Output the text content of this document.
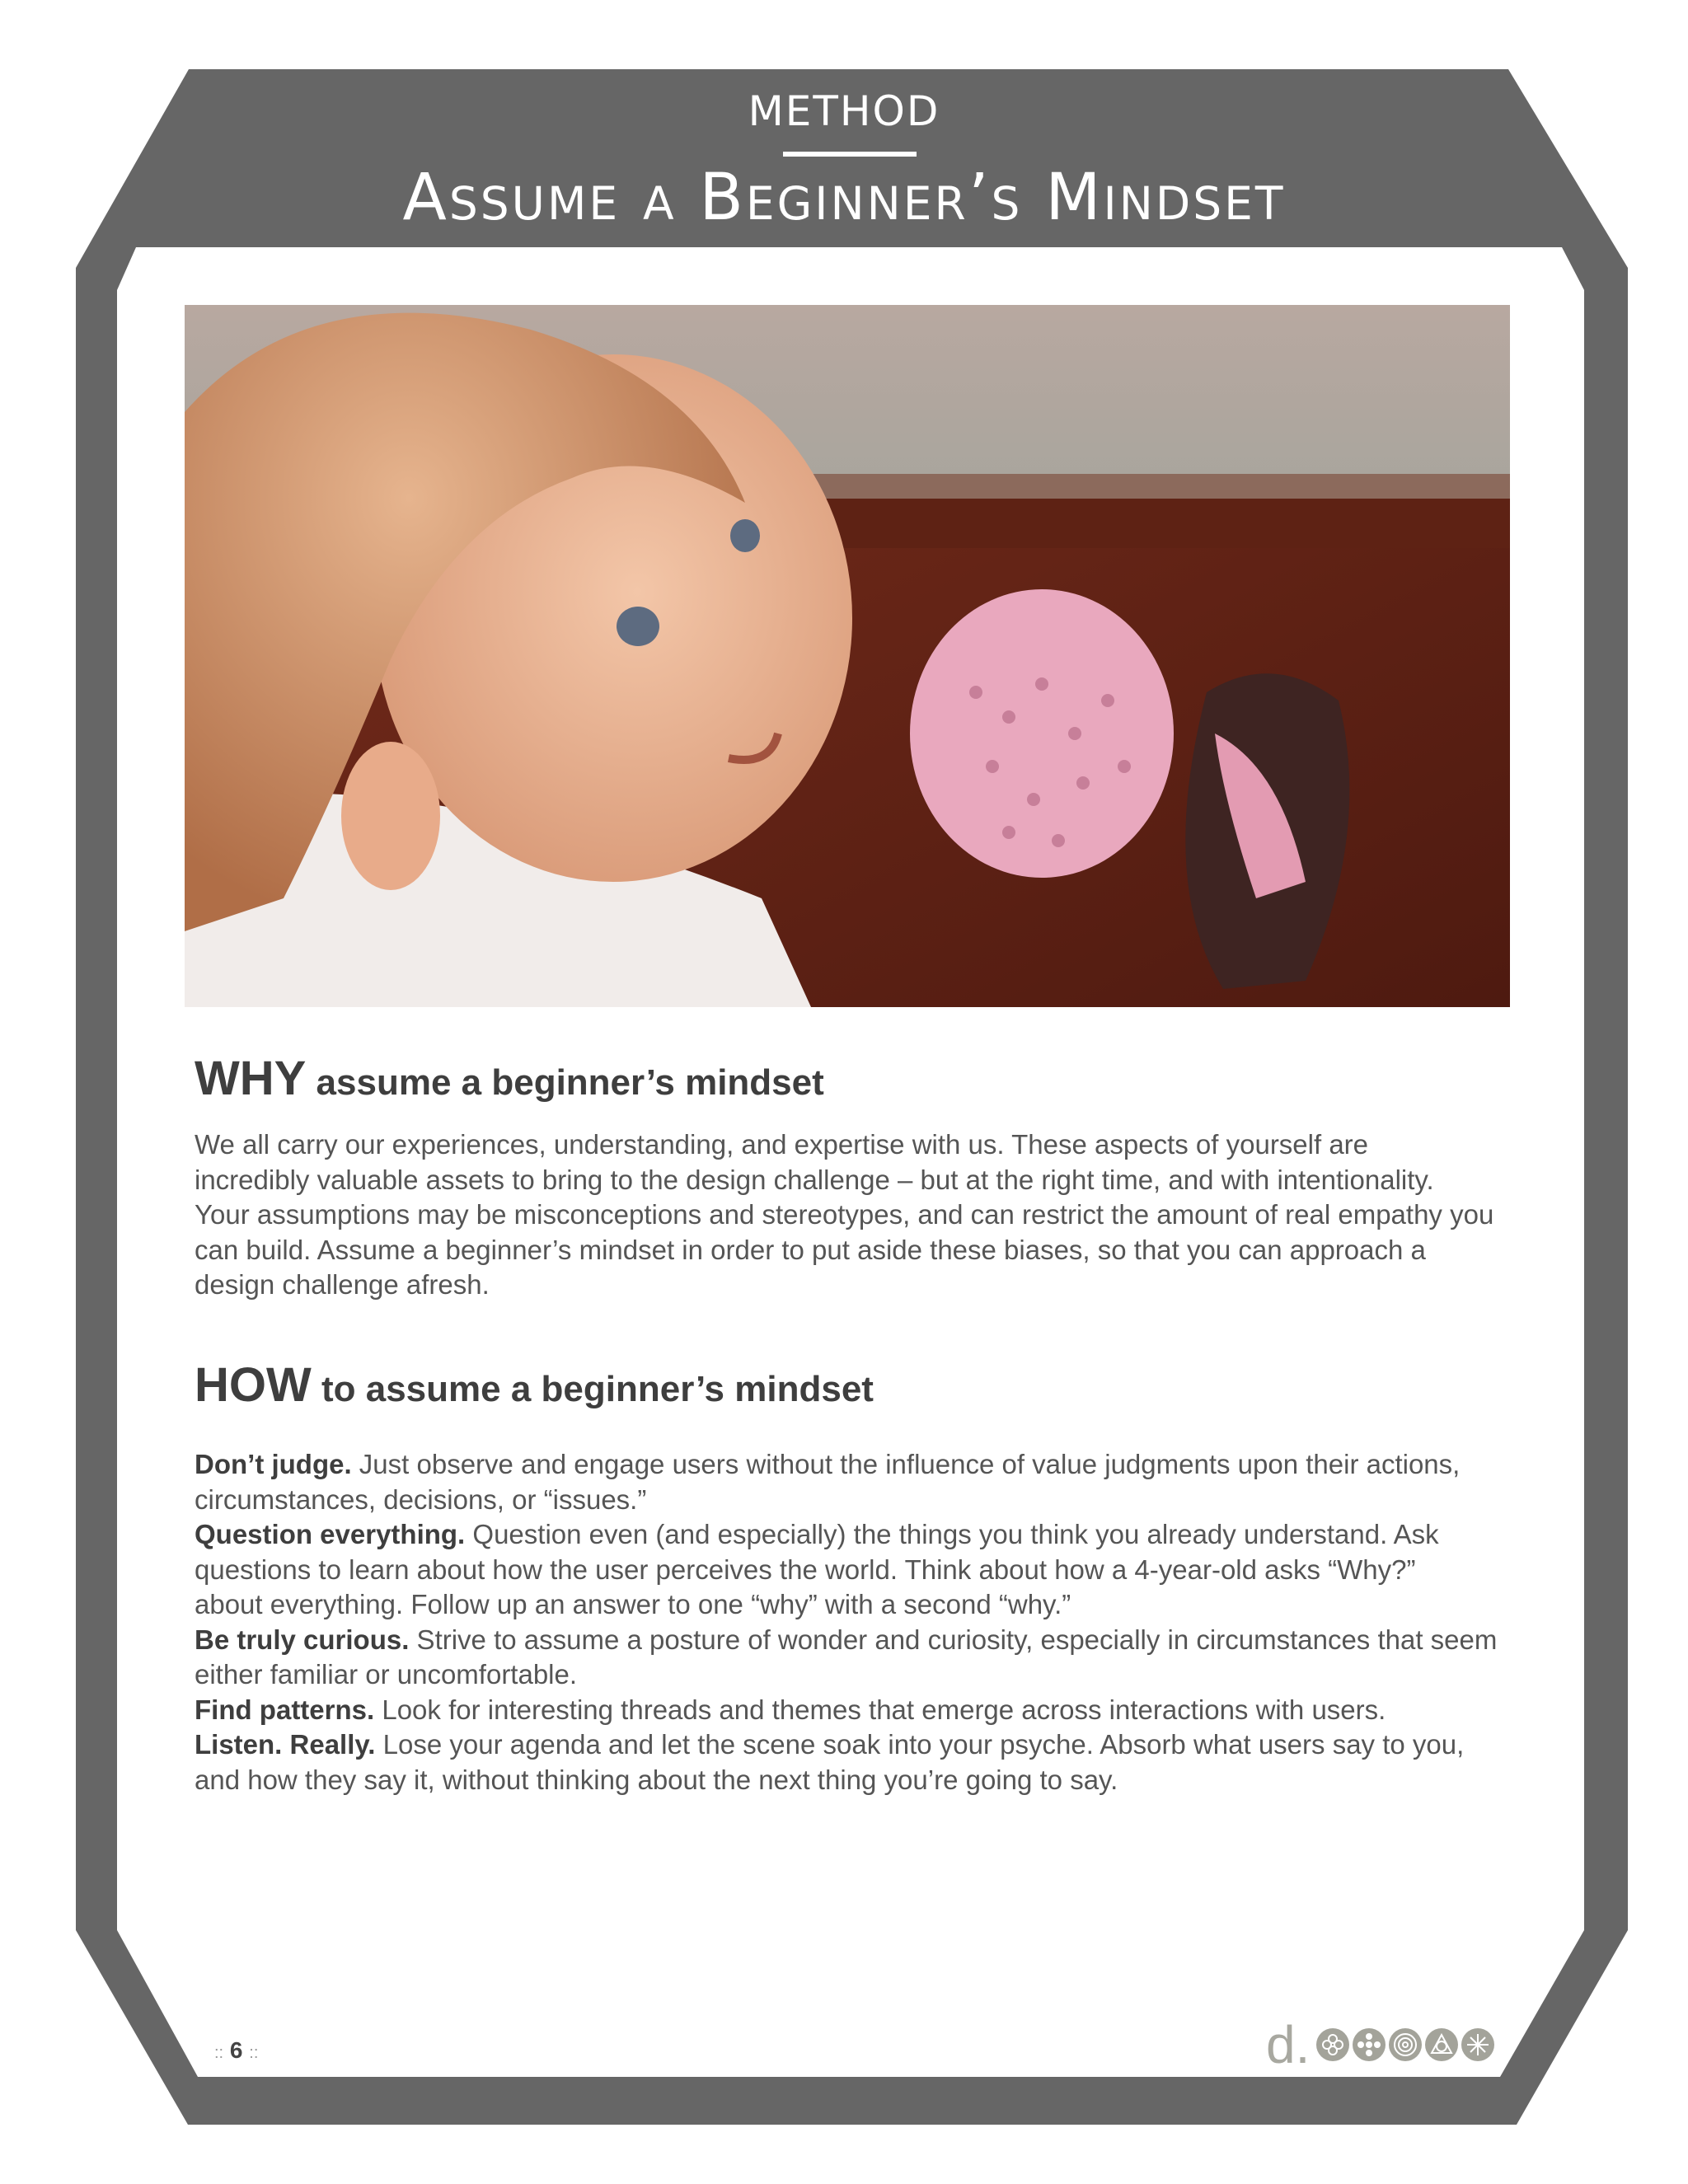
METHOD
Assume a Beginner’s Mindset
WHY assume a beginner’s mindset
We all carry our experiences, understanding, and expertise with us. These aspects of yourself are
incredibly valuable assets to bring to the design challenge – but at the right time, and with intentionality.
Your assumptions may be misconceptions and stereotypes, and can restrict the amount of real empathy you
can build. Assume a beginner’s mindset in order to put aside these biases, so that you can approach a
design challenge afresh.
HOW to assume a beginner’s mindset
Don’t judge. Just observe and engage users without the influence of value judgments upon their actions,
circumstances, decisions, or “issues.”
Question everything. Question even (and especially) the things you think you already understand. Ask
questions to learn about how the user perceives the world. Think about how a 4-year-old asks “Why?”
about everything. Follow up an answer to one “why” with a second “why.”
Be truly curious. Strive to assume a posture of wonder and curiosity, especially in circumstances that seem
either familiar or uncomfortable.
Find patterns. Look for interesting threads and themes that emerge across interactions with users.
Listen. Really. Lose your agenda and let the scene soak into your psyche. Absorb what users say to you,
and how they say it, without thinking about the next thing you’re going to say.
:: 6 ::	d.
